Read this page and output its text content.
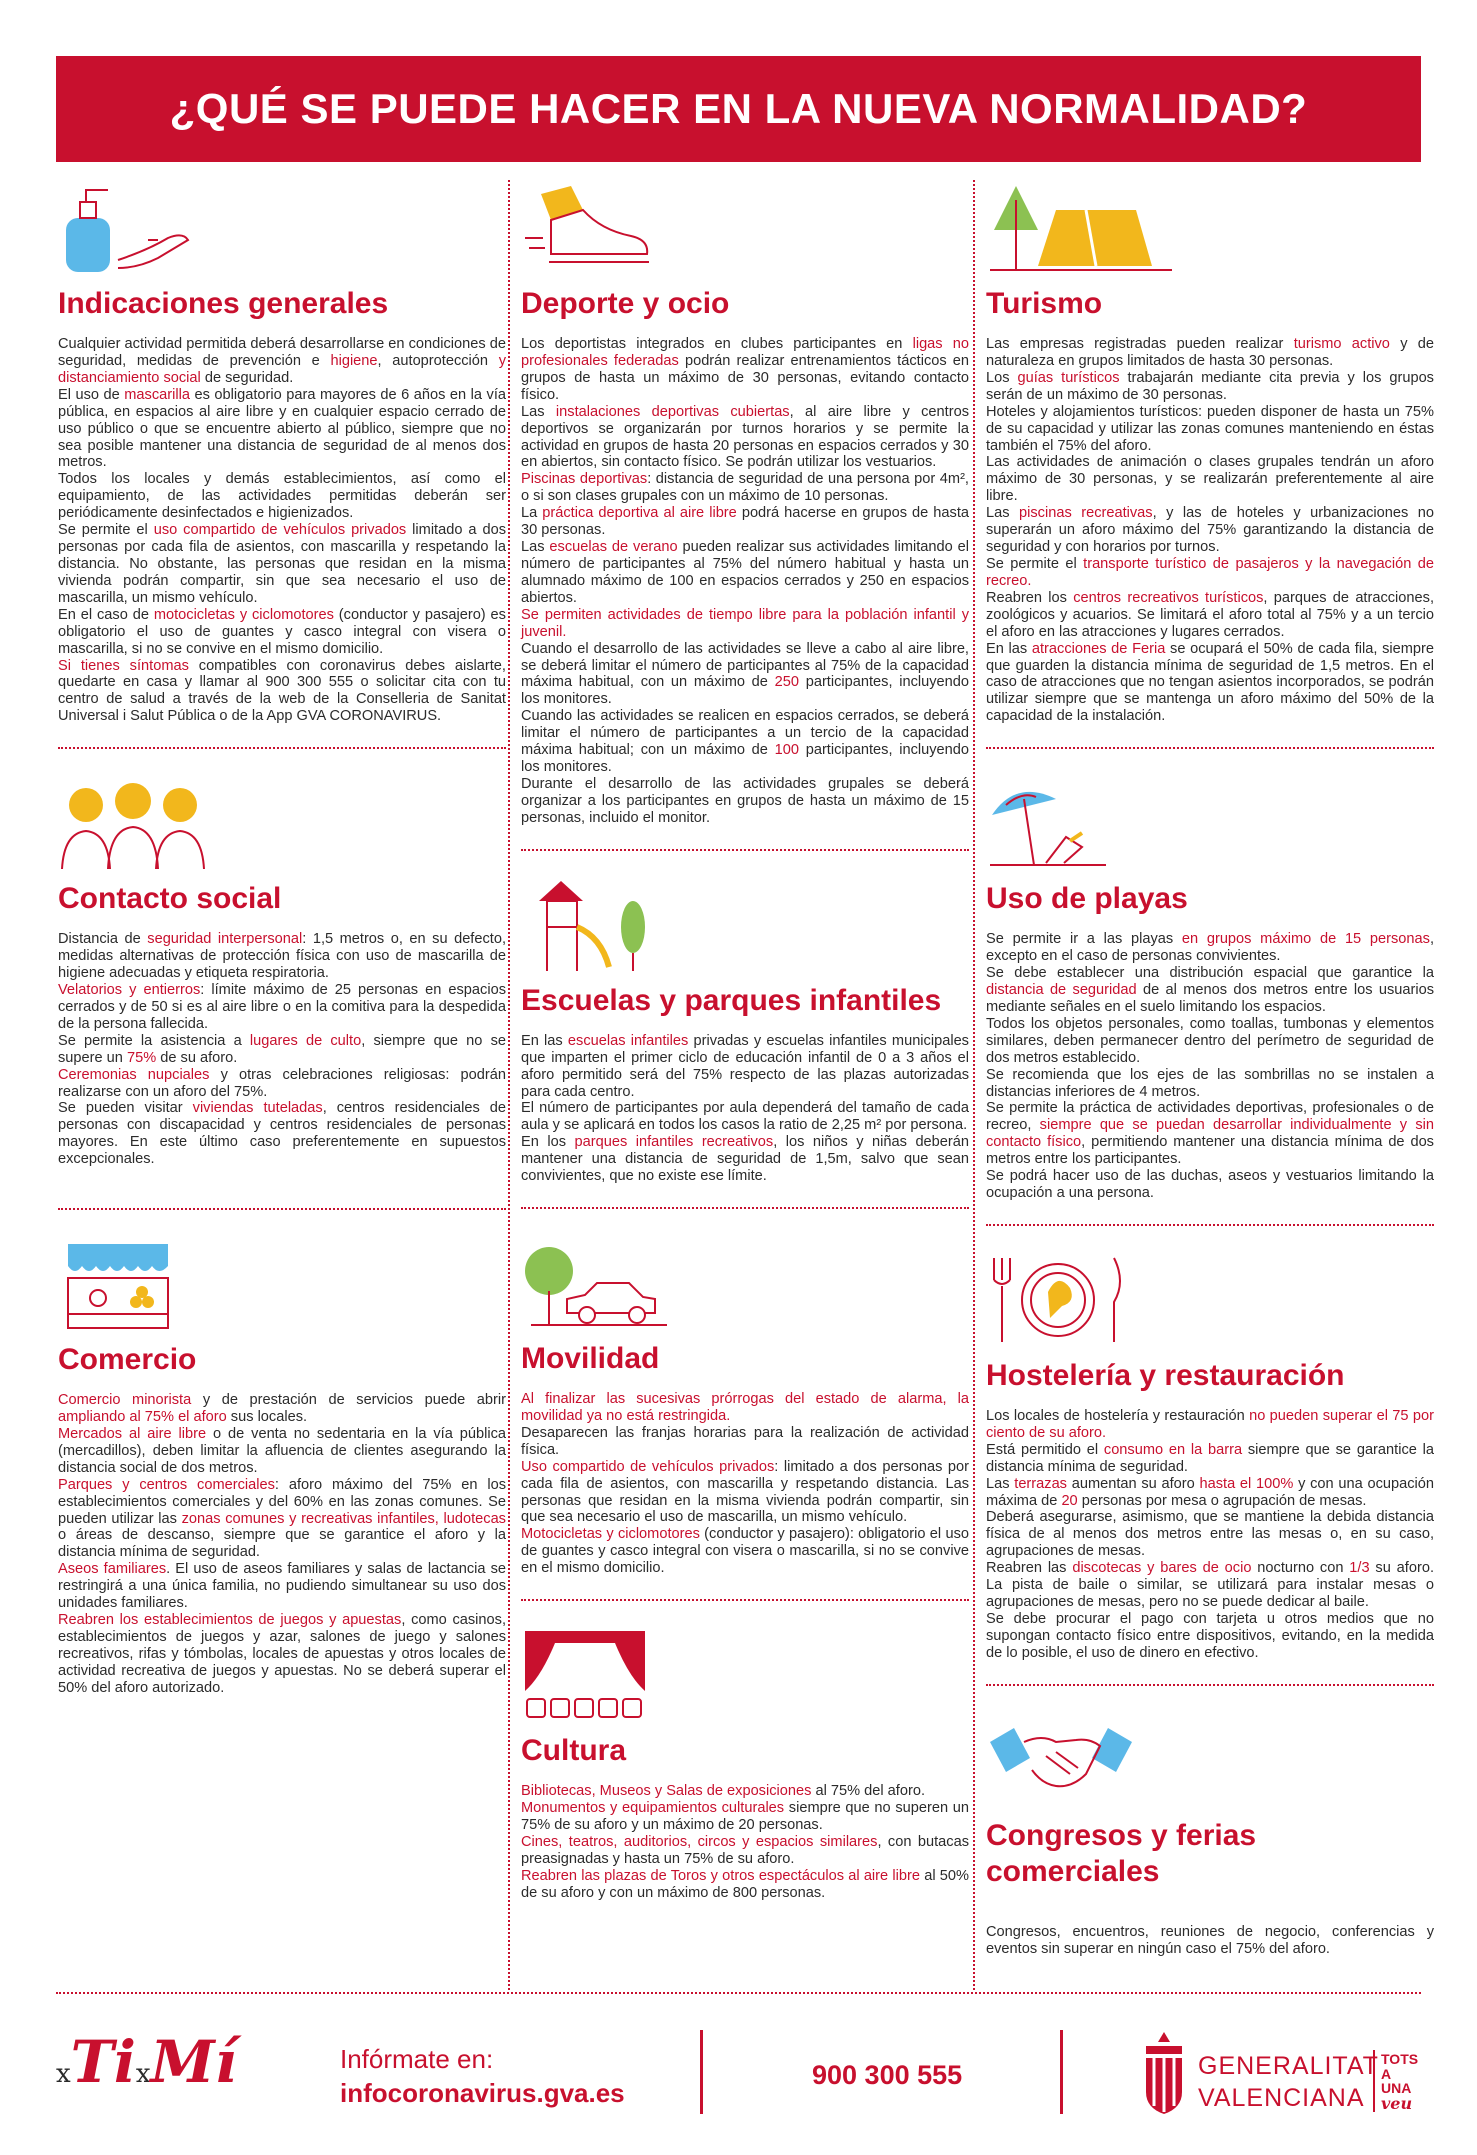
¿QUÉ SE PUEDE HACER EN LA NUEVA NORMALIDAD?
Indicaciones generales

Cualquier actividad permitida deberá desarrollarse en condiciones de seguridad, medidas de prevención e higiene, autoprotección y distanciamiento social de seguridad.

El uso de mascarilla es obligatorio para mayores de 6 años en la vía pública, en espacios al aire libre y en cualquier espacio cerrado de uso público o que se encuentre abierto al público, siempre que no sea posible mantener una distancia de seguridad de al menos dos metros.

Todos los locales y demás establecimientos, así como el equipamiento, de las actividades permitidas deberán ser periódicamente desinfectados e higienizados.

Se permite el uso compartido de vehículos privados limitado a dos personas por cada fila de asientos, con mascarilla y respetando la distancia. No obstante, las personas que residan en la misma vivienda podrán compartir, sin que sea necesario el uso de mascarilla, un mismo vehículo.

En el caso de motocicletas y ciclomotores (conductor y pasajero) es obligatorio el uso de guantes y casco integral con visera o mascarilla, si no se convive en el mismo domicilio.

Si tienes síntomas compatibles con coronavirus debes aislarte, quedarte en casa y llamar al 900 300 555 o solicitar cita con tu centro de salud a través de la web de la Conselleria de Sanitat Universal i Salut Pública o de la App GVA CORONAVIRUS.

Contacto social

Distancia de seguridad interpersonal: 1,5 metros o, en su defecto, medidas alternativas de protección física con uso de mascarilla de higiene adecuadas y etiqueta respiratoria.

Velatorios y entierros: límite máximo de 25 personas en espacios cerrados y de 50 si es al aire libre o en la comitiva para la despedida de la persona fallecida.

Se permite la asistencia a lugares de culto, siempre que no se supere un 75% de su aforo.

Ceremonias nupciales y otras celebraciones religiosas: podrán realizarse con un aforo del 75%.

Se pueden visitar viviendas tuteladas, centros residenciales de personas con discapacidad y centros residenciales de personas mayores. En este último caso preferentemente en supuestos excepcionales.

Comercio

Comercio minorista y de prestación de servicios puede abrir ampliando al 75% el aforo sus locales.

Mercados al aire libre o de venta no sedentaria en la vía pública (mercadillos), deben limitar la afluencia de clientes asegurando la distancia social de dos metros.

Parques y centros comerciales: aforo máximo del 75% en los establecimientos comerciales y del 60% en las zonas comunes. Se pueden utilizar las zonas comunes y recreativas infantiles, ludotecas o áreas de descanso, siempre que se garantice el aforo y la distancia mínima de seguridad.

Aseos familiares. El uso de aseos familiares y salas de lactancia se restringirá a una única familia, no pudiendo simultanear su uso dos unidades familiares.

Reabren los establecimientos de juegos y apuestas, como casinos, establecimientos de juegos y azar, salones de juego y salones recreativos, rifas y tómbolas, locales de apuestas y otros locales de actividad recreativa de juegos y apuestas. No se deberá superar el 50% del aforo autorizado.

Deporte y ocio

Los deportistas integrados en clubes participantes en ligas no profesionales federadas podrán realizar entrenamientos tácticos en grupos de hasta un máximo de 30 personas, evitando contacto físico.

Las instalaciones deportivas cubiertas, al aire libre y centros deportivos se organizarán por turnos horarios y se permite la actividad en grupos de hasta 20 personas en espacios cerrados y 30 en abiertos, sin contacto físico. Se podrán utilizar los vestuarios.

Piscinas deportivas: distancia de seguridad de una persona por 4m², o si son clases grupales con un máximo de 10 personas.

La práctica deportiva al aire libre podrá hacerse en grupos de hasta 30 personas.

Las escuelas de verano pueden realizar sus actividades limitando el número de participantes al 75% del número habitual y hasta un alumnado máximo de 100 en espacios cerrados y 250 en espacios abiertos.

Se permiten actividades de tiempo libre para la población infantil y juvenil.

Cuando el desarrollo de las actividades se lleve a cabo al aire libre, se deberá limitar el número de participantes al 75% de la capacidad máxima habitual, con un máximo de 250 participantes, incluyendo los monitores.

Cuando las actividades se realicen en espacios cerrados, se deberá limitar el número de participantes a un tercio de la capacidad máxima habitual; con un máximo de 100 participantes, incluyendo los monitores.

Durante el desarrollo de las actividades grupales se deberá organizar a los participantes en grupos de hasta un máximo de 15 personas, incluido el monitor.

Escuelas y parques infantiles

En las escuelas infantiles privadas y escuelas infantiles municipales que imparten el primer ciclo de educación infantil de 0 a 3 años el aforo permitido será del 75% respecto de las plazas autorizadas para cada centro.

El número de participantes por aula dependerá del tamaño de cada aula y se aplicará en todos los casos la ratio de 2,25 m² por persona.

En los parques infantiles recreativos, los niños y niñas deberán mantener una distancia de seguridad de 1,5m, salvo que sean convivientes, que no existe ese límite.

Movilidad

Al finalizar las sucesivas prórrogas del estado de alarma, la movilidad ya no está restringida.

Desaparecen las franjas horarias para la realización de actividad física.

Uso compartido de vehículos privados: limitado a dos personas por cada fila de asientos, con mascarilla y respetando distancia. Las personas que residan en la misma vivienda podrán compartir, sin que sea necesario el uso de mascarilla, un mismo vehículo.

Motocicletas y ciclomotores (conductor y pasajero): obligatorio el uso de guantes y casco integral con visera o mascarilla, si no se convive en el mismo domicilio.

Cultura

Bibliotecas, Museos y Salas de exposiciones al 75% del aforo.

Monumentos y equipamientos culturales siempre que no superen un 75% de su aforo y un máximo de 20 personas.

Cines, teatros, auditorios, circos y espacios similares, con butacas preasignadas y hasta un 75% de su aforo.

Reabren las plazas de Toros y otros espectáculos al aire libre al 50% de su aforo y con un máximo de 800 personas.

Turismo

Las empresas registradas pueden realizar turismo activo y de naturaleza en grupos limitados de hasta 30 personas.

Los guías turísticos trabajarán mediante cita previa y los grupos serán de un máximo de 30 personas.

Hoteles y alojamientos turísticos: pueden disponer de hasta un 75% de su capacidad y utilizar las zonas comunes manteniendo en éstas también el 75% del aforo.

Las actividades de animación o clases grupales tendrán un aforo máximo de 30 personas, y se realizarán preferentemente al aire libre.

Las piscinas recreativas, y las de hoteles y urbanizaciones no superarán un aforo máximo del 75% garantizando la distancia de seguridad y con horarios por turnos.

Se permite el transporte turístico de pasajeros y la navegación de recreo.

Reabren los centros recreativos turísticos, parques de atracciones, zoológicos y acuarios. Se limitará el aforo total al 75% y a un tercio el aforo en las atracciones y lugares cerrados.

En las atracciones de Feria se ocupará el 50% de cada fila, siempre que guarden la distancia mínima de seguridad de 1,5 metros. En el caso de atracciones que no tengan asientos incorporados, se podrán utilizar siempre que se mantenga un aforo máximo del 50% de la capacidad de la instalación.

Uso de playas

Se permite ir a las playas en grupos máximo de 15 personas, excepto en el caso de personas convivientes.

Se debe establecer una distribución espacial que garantice la distancia de seguridad de al menos dos metros entre los usuarios mediante señales en el suelo limitando los espacios.

Todos los objetos personales, como toallas, tumbonas y elementos similares, deben permanecer dentro del perímetro de seguridad de dos metros establecido.

Se recomienda que los ejes de las sombrillas no se instalen a distancias inferiores de 4 metros.

Se permite la práctica de actividades deportivas, profesionales o de recreo, siempre que se puedan desarrollar individualmente y sin contacto físico, permitiendo mantener una distancia mínima de dos metros entre los participantes.

Se podrá hacer uso de las duchas, aseos y vestuarios limitando la ocupación a una persona.

Hostelería y restauración

Los locales de hostelería y restauración no pueden superar el 75 por ciento de su aforo.

Está permitido el consumo en la barra siempre que se garantice la distancia mínima de seguridad.

Las terrazas aumentan su aforo hasta el 100% y con una ocupación máxima de 20 personas por mesa o agrupación de mesas.

Deberá asegurarse, asimismo, que se mantiene la debida distancia física de al menos dos metros entre las mesas o, en su caso, agrupaciones de mesas.

Reabren las discotecas y bares de ocio nocturno con 1/3 su aforo. La pista de baile o similar, se utilizará para instalar mesas o agrupaciones de mesas, pero no se puede dedicar al baile.

Se debe procurar el pago con tarjeta u otros medios que no supongan contacto físico entre dispositivos, evitando, en la medida de lo posible, el uso de dinero en efectivo.

Congresos y ferias comerciales

Congresos, encuentros, reuniones de negocio, conferencias y eventos sin superar en ningún caso el 75% del aforo.

xTixMí	Infórmate en:
infocoronavirus.gva.es
900 300 555	GENERALITAT
VALENCIANA
TOTS
A UNA
veu
